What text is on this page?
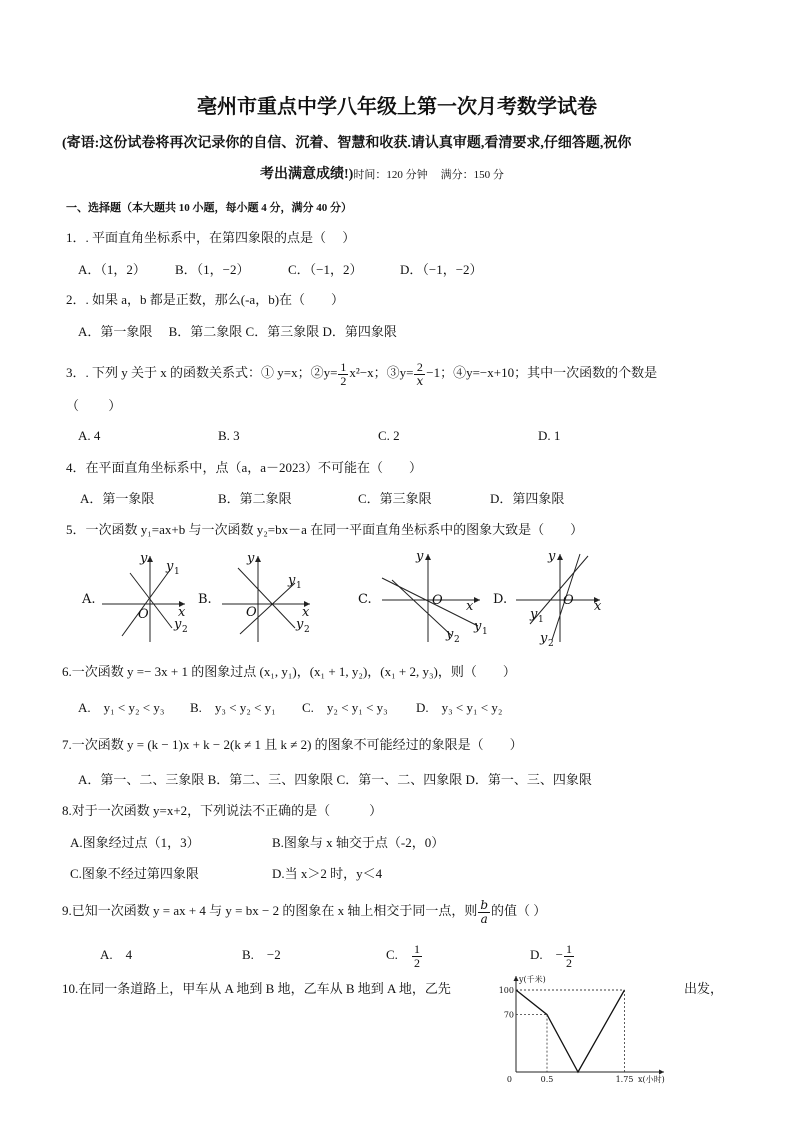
亳州市重点中学八年级上第一次月考数学试卷
(寄语:这份试卷将再次记录你的自信、沉着、智慧和收获.请认真审题,看清要求,仔细答题,祝你
考出满意成绩!)时间：120 分钟　 满分：150 分
一、选择题（本大题共 10 小题，每小题 4 分，满分 40 分）
1．. 平面直角坐标系中，在第四象限的点是（　 ）
A．（1，2） B．（1，−2）	C．（−1，2）	D．（−1，−2）
2．. 如果 a，b 都是正数，那么(-a，b)在（　　）
A．第一象限　 B．第二象限 C．第三象限 D．第四象限
3．. 下列 y 关于 x 的函数关系式：① y=x；②y= $\frac{1}{2} x^2-x$；③y= $\frac{2}{x} -1$；④y=−x+10；其中一次函数的个数是
（　　 ）
A. 4	B. 3	C. 2	D. 1
4．在平面直角坐标系中，点（a，a－2023）不可能在（　　）
A．第一象限	B．第二象限	C．第三象限	D．第四象限
5．一次函数 y₁=ax+b 与一次函数 y₂=bx－a 在同一平面直角坐标系中的图象大致是（　　）
A.
y
y 1
O x
y 2
B.
y
y 1
O	x
y 2
C.
y
O x
y 1
y 2
D.
y
O x
y 1
y 2
6.一次函数 y =− 3x + 1 的图象过点 (x₁, y₁)，(x₁ + 1, y₂)，(x₁ + 2, y₃)，则（　　）
A.　y₁ < y₂ < y₃ B.　y₃ < y₂ < y₁ C.　y₂ < y₁ < y₃ D.　y₃ < y₁ < y₂
7.一次函数 y = (k − 1)x + k − 2(k ≠ 1 且 k ≠ 2) 的图象不可能经过的象限是（　　）
A．第一、二、三象限 B．第二、三、四象限 C．第一、二、四象限 D．第一、三、四象限
8.对于一次函数 y=x+2，下列说法不正确的是（　　　）
A.图象经过点（1，3）	B.图象与 x 轴交于点（-2，0）
C.图象不经过第四象限	D.当 x＞2 时，y＜4
9.已知一次函数 y = ax + 4 与 y = bx − 2 的图象在 x 轴上相交于同一点，则 $\frac{b}{a}$ 的值（ ）
A.　4	B.　−2	C.　 $\frac{1}{2}$	D.　− $\frac{1}{2}$
10.在同一条道路上，甲车从 A 地到 B 地，乙车从 B 地到 A 地，乙先	出发，
y(千米)
x(小时)
100
70
0	0.5	1.75
